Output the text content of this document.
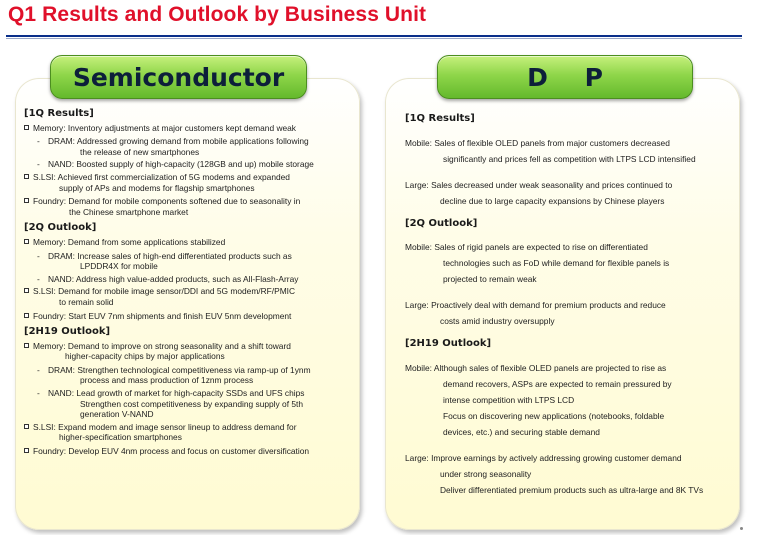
Q1 Results and Outlook by Business Unit
Semiconductor	D P
[1Q Results]
Memory: Inventory adjustments at major customers kept demand weak
- DRAM: Addressed growing demand from mobile applications following
the release of new smartphones
- NAND: Boosted supply of high-capacity (128GB and up) mobile storage
S.LSI: Achieved first commercialization of 5G modems and expanded
supply of APs and modems for flagship smartphones
Foundry: Demand for mobile components softened due to seasonality in
the Chinese smartphone market
[2Q Outlook]
Memory: Demand from some applications stabilized
- DRAM: Increase sales of high-end differentiated products such as
LPDDR4X for mobile
- NAND: Address high value-added products, such as All-Flash-Array
S.LSI: Demand for mobile image sensor/DDI and 5G modem/RF/PMIC
to remain solid
Foundry: Start EUV 7nm shipments and finish EUV 5nm development
[2H19 Outlook]
Memory: Demand to improve on strong seasonality and a shift toward
higher-capacity chips by major applications
- DRAM: Strengthen technological competitiveness via ramp-up of 1ynm
process and mass production of 1znm process
- NAND: Lead growth of market for high-capacity SSDs and UFS chips
Strengthen cost competitiveness by expanding supply of 5th
generation V-NAND
S.LSI: Expand modem and image sensor lineup to address demand for
higher-specification smartphones
Foundry: Develop EUV 4nm process and focus on customer diversification
[1Q Results]
Mobile: Sales of flexible OLED panels from major customers decreased
significantly and prices fell as competition with LTPS LCD intensified
Large: Sales decreased under weak seasonality and prices continued to
decline due to large capacity expansions by Chinese players
[2Q Outlook]
Mobile: Sales of rigid panels are expected to rise on differentiated
technologies such as FoD while demand for flexible panels is
projected to remain weak
Large: Proactively deal with demand for premium products and reduce
costs amid industry oversupply
[2H19 Outlook]
Mobile: Although sales of flexible OLED panels are projected to rise as
demand recovers, ASPs are expected to remain pressured by
intense competition with LTPS LCD
Focus on discovering new applications (notebooks, foldable
devices, etc.) and securing stable demand
Large: Improve earnings by actively addressing growing customer demand
under strong seasonality
Deliver differentiated premium products such as ultra-large and 8K TVs
